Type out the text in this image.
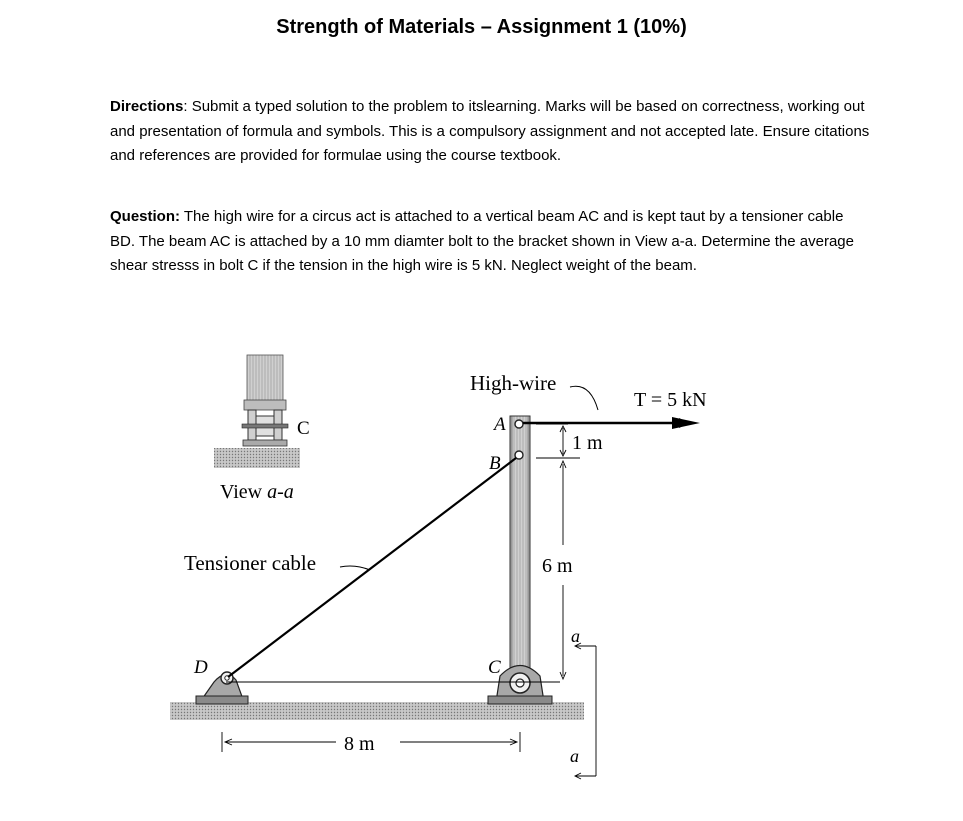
Strength of Materials – Assignment 1 (10%)
Directions: Submit a typed solution to the problem to itslearning. Marks will be based on correctness, working out and presentation of formula and symbols. This is a compulsory assignment and not accepted late. Ensure citations and references are provided for formulae using the course textbook.
Question: The high wire for a circus act is attached to a vertical beam AC and is kept taut by a tensioner cable BD. The beam AC is attached by a 10 mm diamter bolt to the bracket shown in View a-a. Determine the average shear stresss in bolt C if the tension in the high wire is 5 kN. Neglect weight of the beam.
C
View a-a
High-wire
T = 5 kN
A
B
C
D
1 m
6 m
8 m
a
a
Tensioner cable
